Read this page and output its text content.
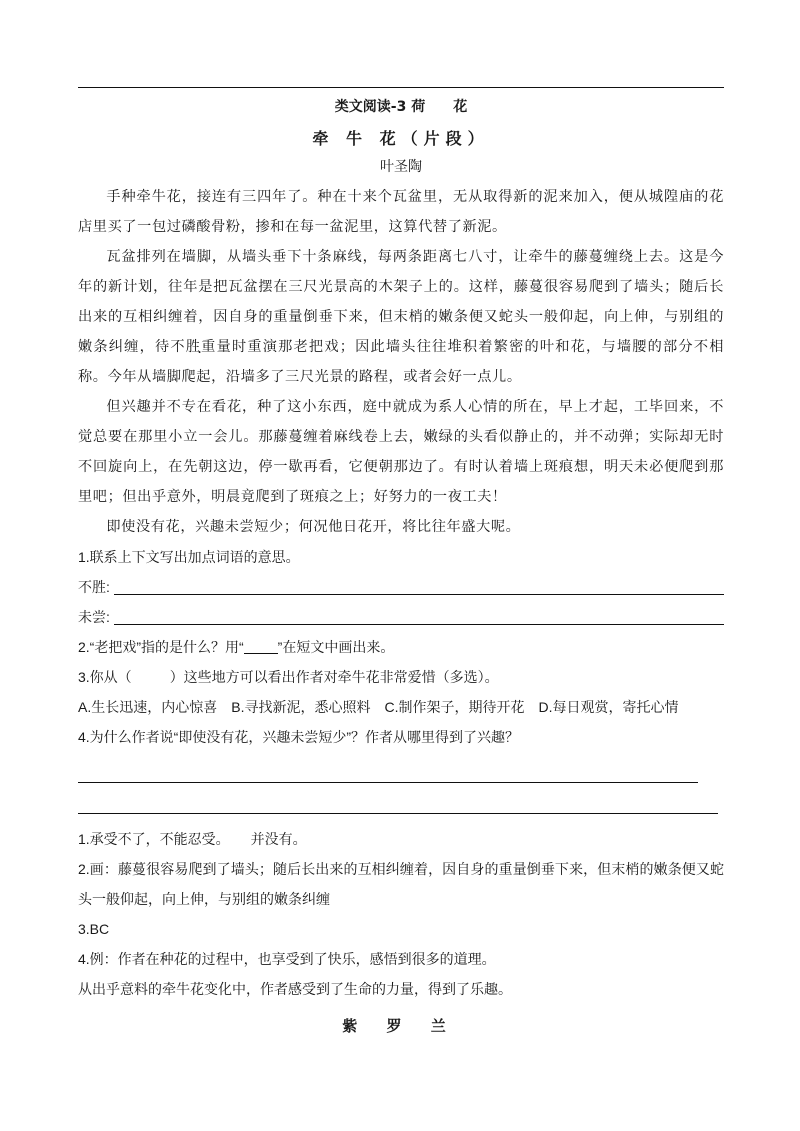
类文阅读-3 荷　　花

牵 牛 花（片段）

叶圣陶

手种牵牛花，接连有三四年了。种在十来个瓦盆里，无从取得新的泥来加入，便从城隍庙的花店里买了一包过磷酸骨粉，掺和在每一盆泥里，这算代替了新泥。

瓦盆排列在墙脚，从墙头垂下十条麻线，每两条距离七八寸，让牵牛的藤蔓缠绕上去。这是今年的新计划，往年是把瓦盆摆在三尺光景高的木架子上的。这样，藤蔓很容易爬到了墙头；随后长出来的互相纠缠着，因自身的重量倒垂下来，但末梢的嫩条便又蛇头一般仰起，向上伸，与别组的嫩条纠缠，待不胜重量时重演那老把戏；因此墙头往往堆积着繁密的叶和花，与墙腰的部分不相称。今年从墙脚爬起，沿墙多了三尺光景的路程，或者会好一点儿。

但兴趣并不专在看花，种了这小东西，庭中就成为系人心情的所在，早上才起，工毕回来，不觉总要在那里小立一会儿。那藤蔓缠着麻线卷上去，嫩绿的头看似静止的，并不动弹；实际却无时不回旋向上，在先朝这边，停一歇再看，它便朝那边了。有时认着墙上斑痕想，明天未必便爬到那里吧；但出乎意外，明晨竟爬到了斑痕之上；好努力的一夜工夫！

即使没有花，兴趣未尝短少；何况他日花开，将比往年盛大呢。

1.联系上下文写出加点词语的意思。

不胜:
未尝:

2.“老把戏”指的是什么？用“ ”在短文中画出来。

3.你从（	）这些地方可以看出作者对牵牛花非常爱惜（多选）。

A.生长迅速，内心惊喜　B.寻找新泥，悉心照料　C.制作架子，期待开花　D.每日观赏，寄托心情

4.为什么作者说“即使没有花，兴趣未尝短少”？作者从哪里得到了兴趣？

1.承受不了，不能忍受。　　并没有。

2.画：藤蔓很容易爬到了墙头；随后长出来的互相纠缠着，因自身的重量倒垂下来，但末梢的嫩条便又蛇头一般仰起，向上伸，与别组的嫩条纠缠

3.BC

4.例：作者在种花的过程中，也享受到了快乐，感悟到很多的道理。

从出乎意料的牵牛花变化中，作者感受到了生命的力量，得到了乐趣。

紫 罗 兰
